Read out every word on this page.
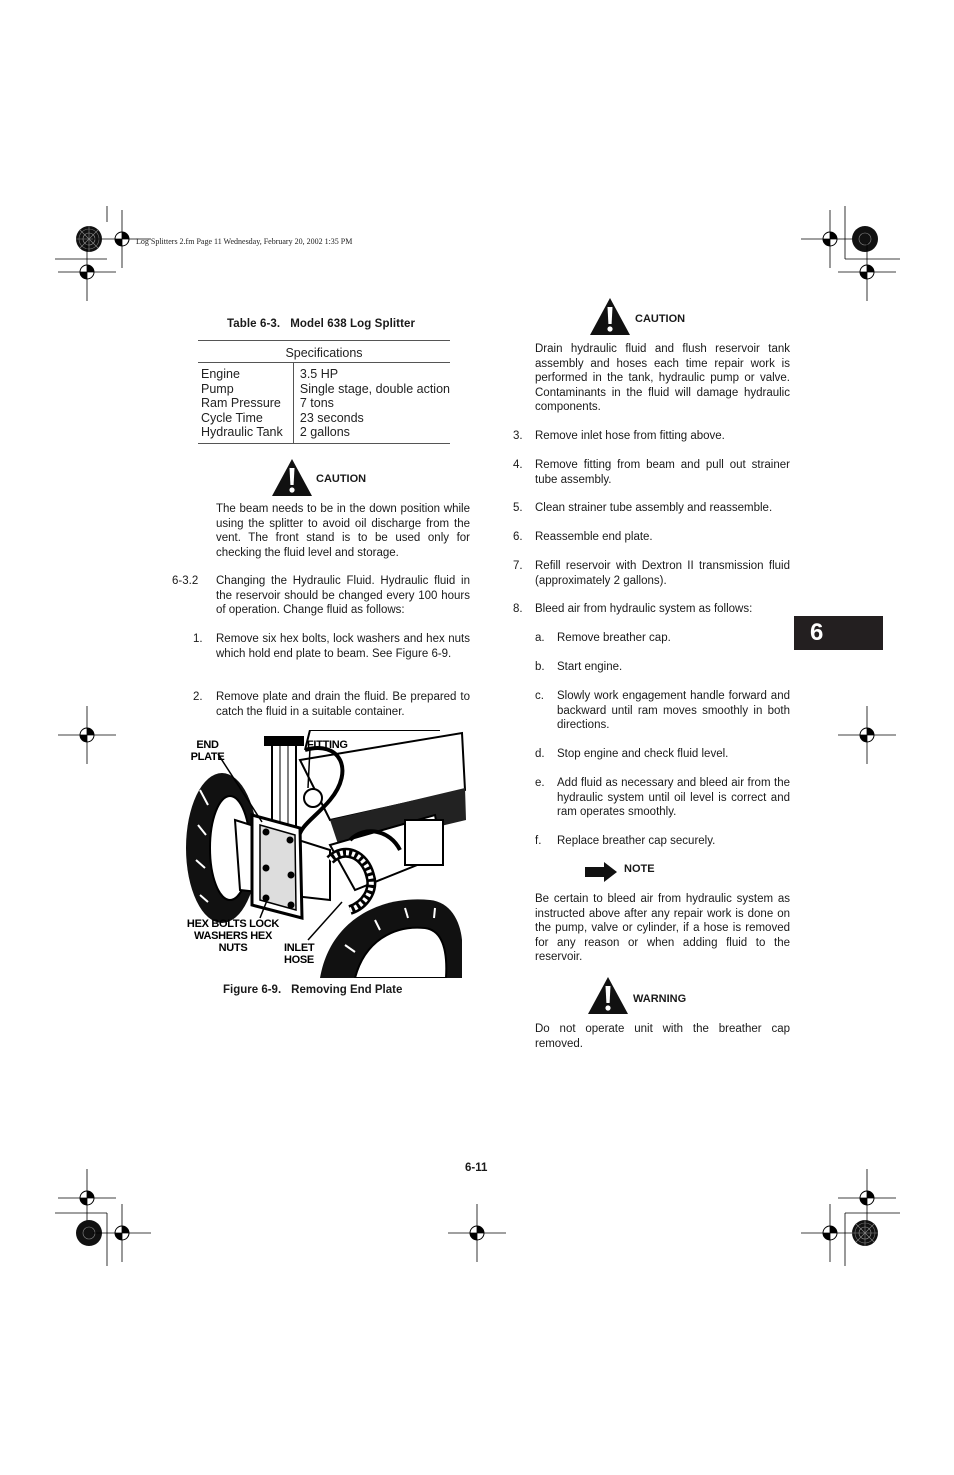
Log Splitters 2.fm Page 11 Wednesday, February 20, 2002 1:35 PM
Table 6-3. Model 638 Log Splitter
Specifications
Engine
Pump
Ram Pressure
Cycle Time
Hydraulic Tank
3.5 HP
Single stage, double action
7 tons
23 seconds
2 gallons
CAUTION
The beam needs to be in the down position while using the splitter to avoid oil discharge from the vent. The front stand is to be used only for checking the fluid level and storage.
6-3.2 Changing the Hydraulic Fluid. Hydraulic fluid in the reservoir should be changed every 100 hours of operation. Change fluid as follows:
1. Remove six hex bolts, lock washers and hex nuts which hold end plate to beam. See Figure 6-9.
2. Remove plate and drain the fluid. Be prepared to catch the fluid in a suitable container.
END PLATE
FITTING
HEX BOLTS LOCK WASHERS HEX NUTS	INLET HOSE
Figure 6-9. Removing End Plate
CAUTION
Drain hydraulic fluid and flush reservoir tank assembly and hoses each time repair work is performed in the tank, hydraulic pump or valve. Contaminants in the fluid will damage hydraulic components.
3. Remove inlet hose from fitting above.
4. Remove fitting from beam and pull out strainer tube assembly.
5. Clean strainer tube assembly and reassemble.
6. Reassemble end plate.
7. Refill reservoir with Dextron II transmission fluid (approximately 2 gallons).
8. Bleed air from hydraulic system as follows:
a. Remove breather cap.
b. Start engine.
c. Slowly work engagement handle forward and backward until ram moves smoothly in both directions.
d. Stop engine and check fluid level.
e. Add fluid as necessary and bleed air from the hydraulic system until oil level is correct and ram operates smoothly.
f. Replace breather cap securely.
NOTE
Be certain to bleed air from hydraulic system as instructed above after any repair work is done on the pump, valve or cylinder, if a hose is removed for any reason or when adding fluid to the reservoir.
WARNING
Do not operate unit with the breather cap removed.
6
6-11
